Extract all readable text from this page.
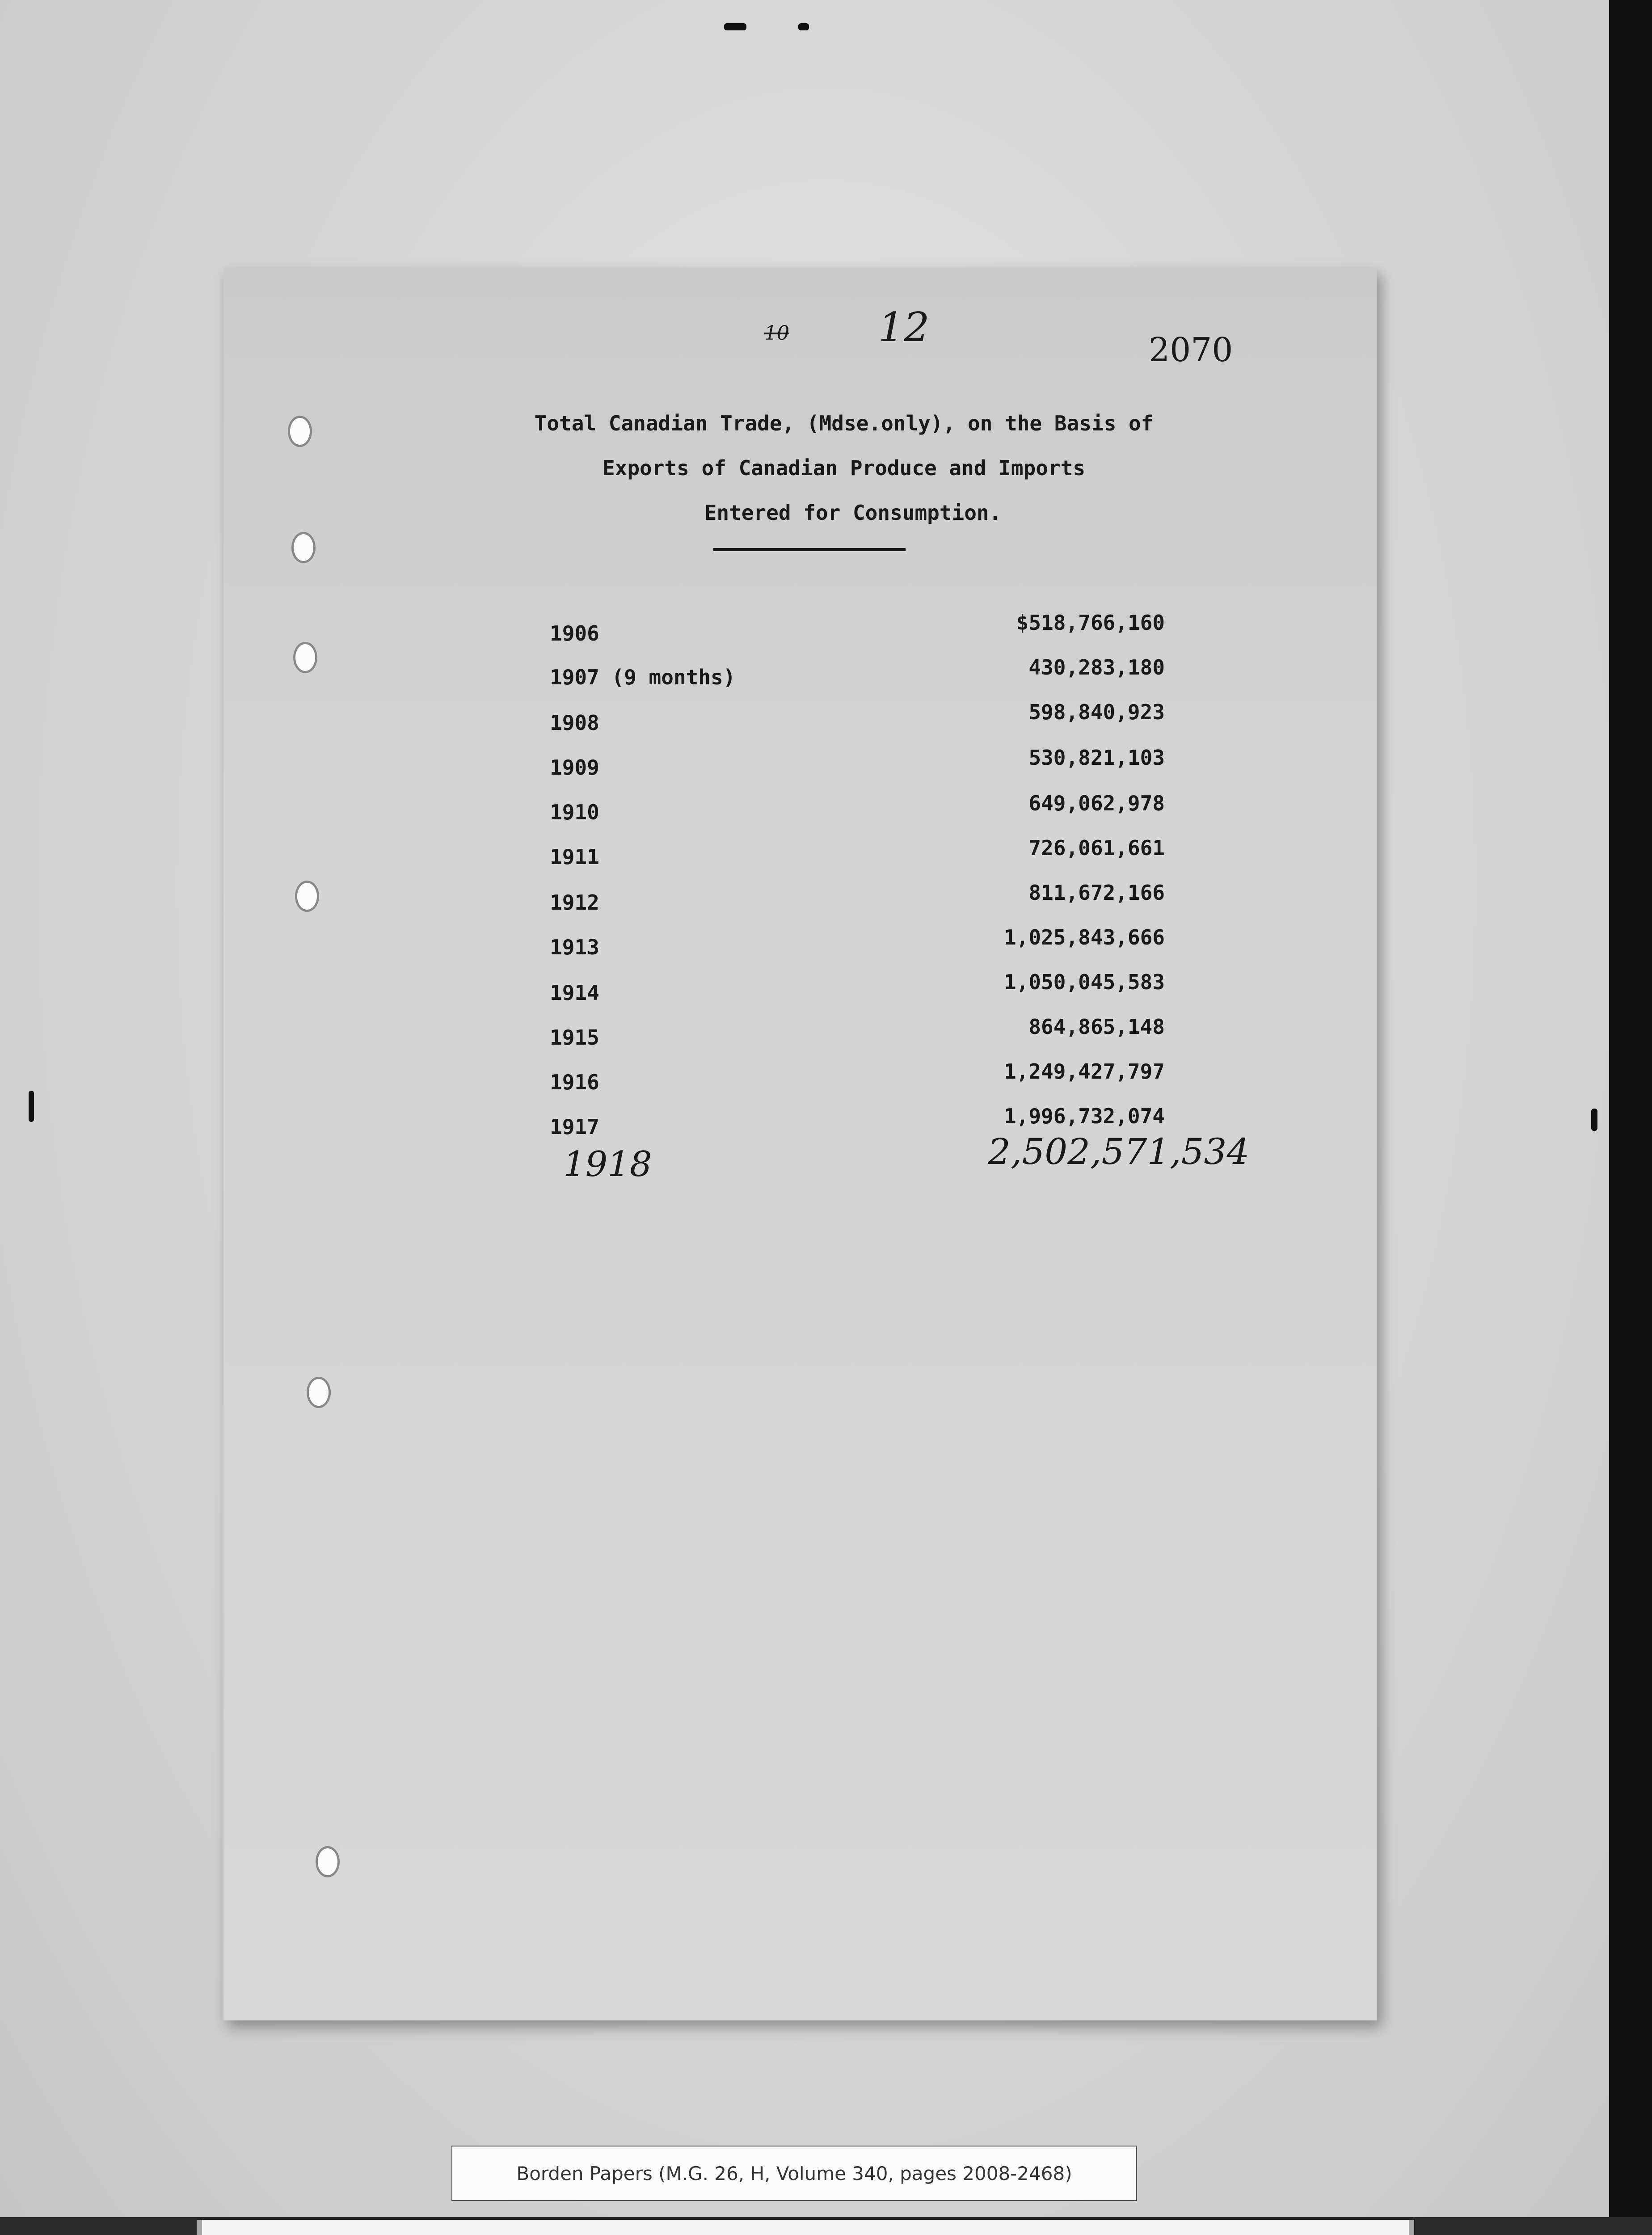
10 12	2070
Total Canadian Trade, (Mdse.only), on the Basis of
Exports of Canadian Produce and Imports
Entered for Consumption.
1906	$518,766,160
1907 (9 months)	430,283,180
1908	598,840,923
1909	530,821,103
1910	649,062,978
1911	726,061,661
1912	811,672,166
1913	1,025,843,666
1914	1,050,045,583
1915	864,865,148
1916	1,249,427,797
1917	1,996,732,074
1918	2,502,571,534
Borden Papers (M.G. 26, H, Volume 340, pages 2008-2468)
